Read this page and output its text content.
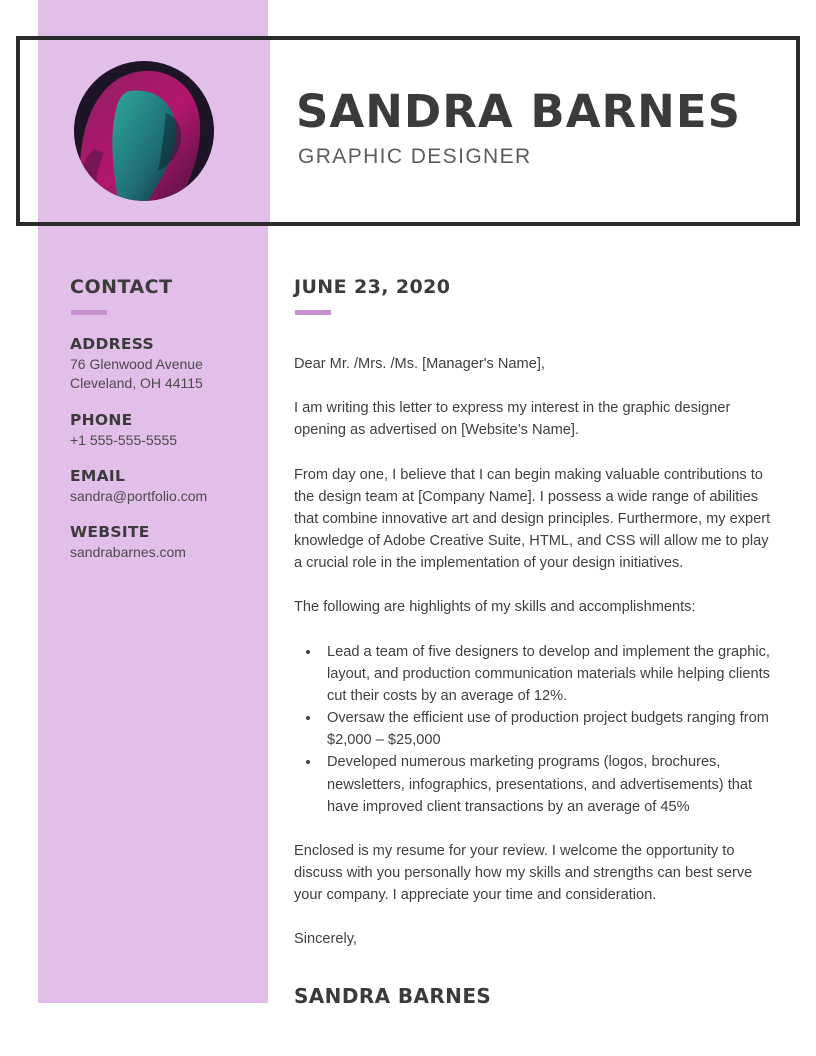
SANDRA BARNES
GRAPHIC DESIGNER
CONTACT
ADDRESS
76 Glenwood Avenue
Cleveland, OH 44115
PHONE
+1 555-555-5555
EMAIL
sandra@portfolio.com
WEBSITE
sandrabarnes.com
JUNE 23, 2020

Dear Mr. /Mrs. /Ms. [Manager's Name],

I am writing this letter to express my interest in the graphic designer opening as advertised on [Website’s Name].

From day one, I believe that I can begin making valuable contributions to the design team at [Company Name]. I possess a wide range of abilities that combine innovative art and design principles. Furthermore, my expert knowledge of Adobe Creative Suite, HTML, and CSS will allow me to play a crucial role in the implementation of your design initiatives.

The following are highlights of my skills and accomplishments:

• Lead a team of five designers to develop and implement the graphic, layout, and production communication materials while helping clients cut their costs by an average of 12%.
• Oversaw the efficient use of production project budgets ranging from $2,000 – $25,000
• Developed numerous marketing programs (logos, brochures, newsletters, infographics, presentations, and advertisements) that have improved client transactions by an average of 45%

Enclosed is my resume for your review. I welcome the opportunity to discuss with you personally how my skills and strengths can best serve your company. I appreciate your time and consideration.

Sincerely,

SANDRA BARNES
